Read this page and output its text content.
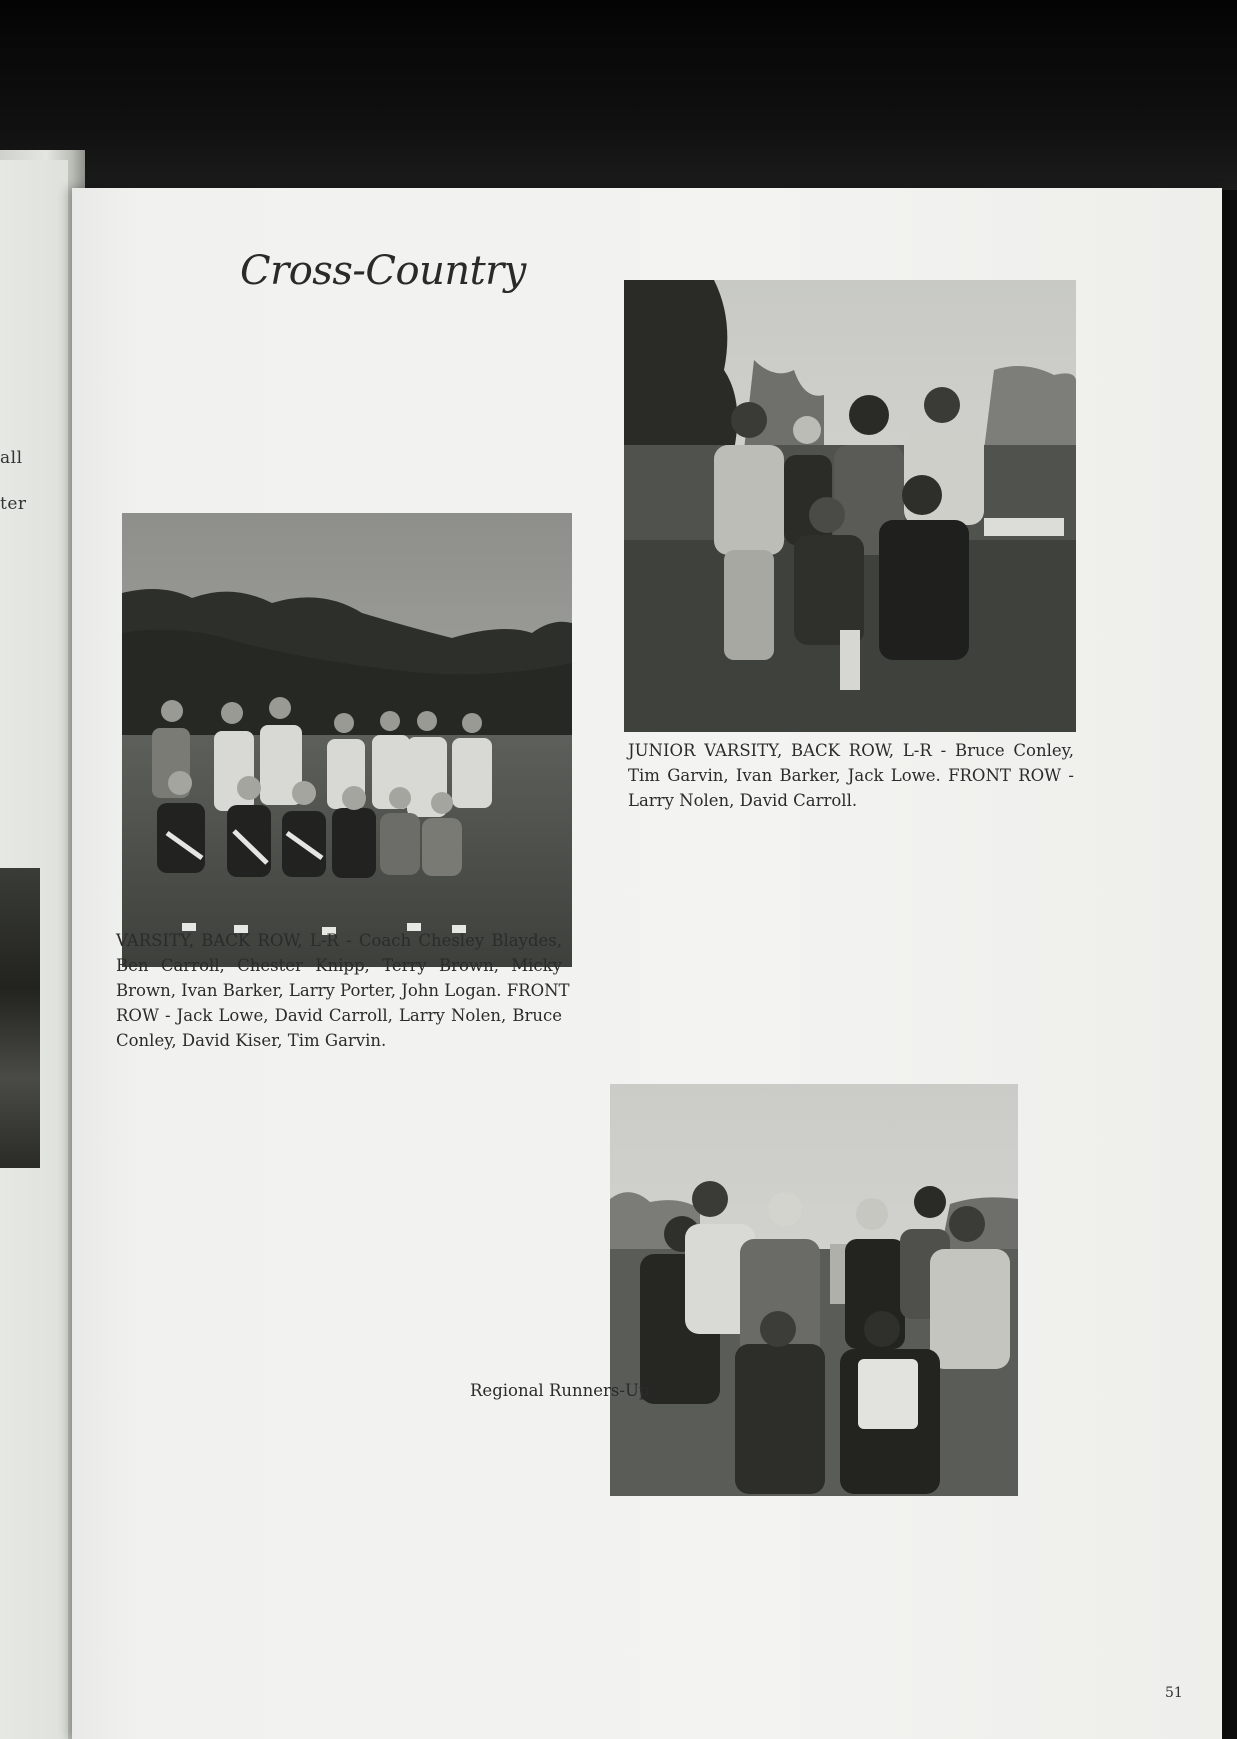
all
ter
Cross-Country
VARSITY, BACK ROW, L-R - Coach Chesley Blaydes,
Ben Carroll, Chester Knipp, Terry Brown, Micky
Brown, Ivan Barker, Larry Porter, John Logan. FRONT
ROW - Jack Lowe, David Carroll, Larry Nolen, Bruce
Conley, David Kiser, Tim Garvin.
JUNIOR VARSITY, BACK ROW, L-R - Bruce Conley,
Tim Garvin, Ivan Barker, Jack Lowe. FRONT ROW -
Larry Nolen, David Carroll.
Regional Runners-Up
51
